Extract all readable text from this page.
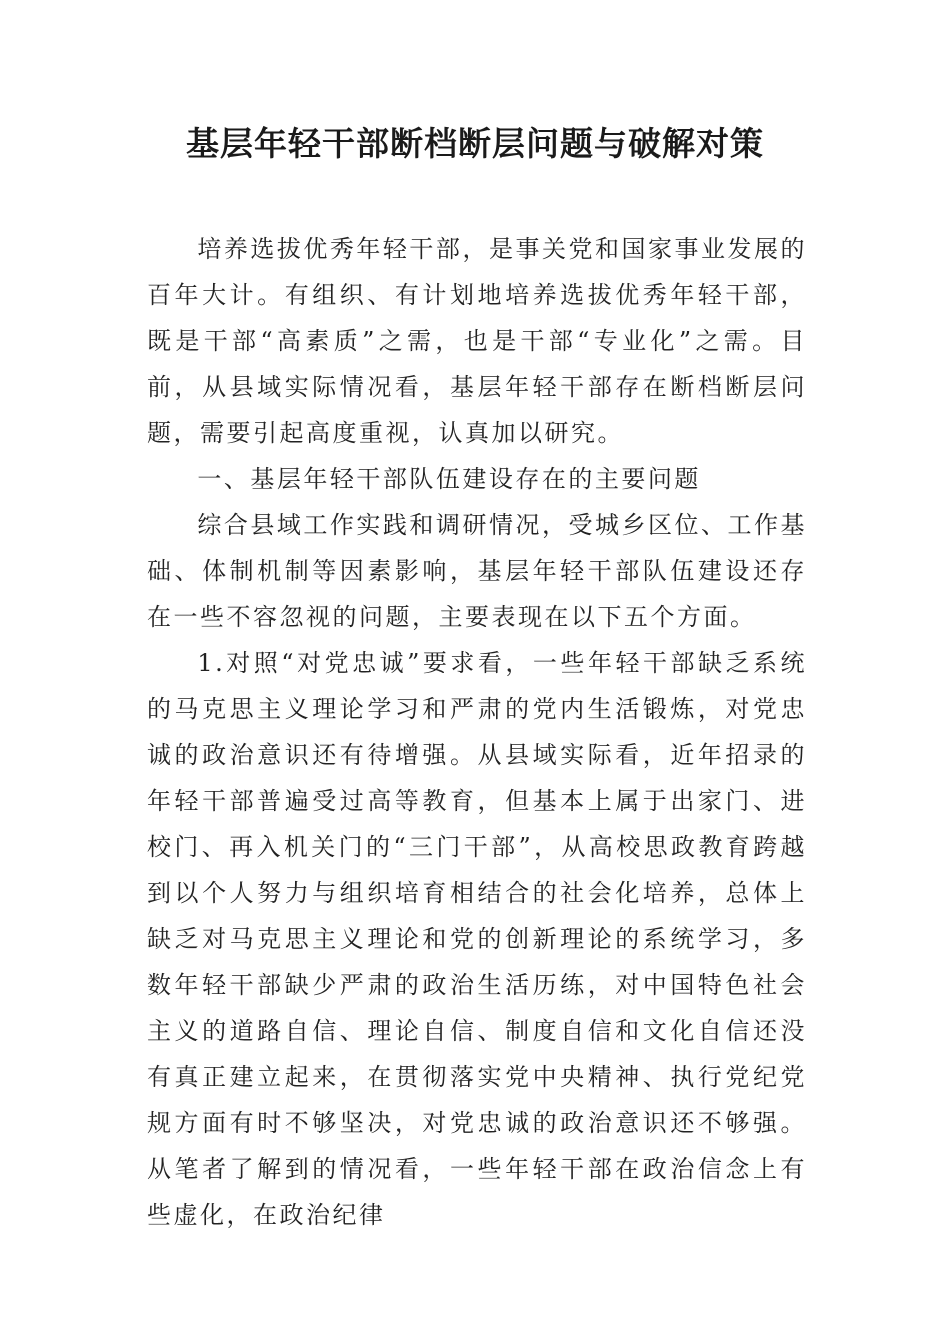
基层年轻干部断档断层问题与破解对策

培养选拔优秀年轻干部，是事关党和国家事业发展的百年大计。有组织、有计划地培养选拔优秀年轻干部，既是干部“高素质”之需，也是干部“专业化”之需。目前，从县域实际情况看，基层年轻干部存在断档断层问题，需要引起高度重视，认真加以研究。

一、基层年轻干部队伍建设存在的主要问题

综合县域工作实践和调研情况，受城乡区位、工作基础、体制机制等因素影响，基层年轻干部队伍建设还存在一些不容忽视的问题，主要表现在以下五个方面。

1.对照“对党忠诚”要求看，一些年轻干部缺乏系统的马克思主义理论学习和严肃的党内生活锻炼，对党忠诚的政治意识还有待增强。从县域实际看，近年招录的年轻干部普遍受过高等教育，但基本上属于出家门、进校门、再入机关门的“三门干部”，从高校思政教育跨越到以个人努力与组织培育相结合的社会化培养，总体上缺乏对马克思主义理论和党的创新理论的系统学习，多数年轻干部缺少严肃的政治生活历练，对中国特色社会主义的道路自信、理论自信、制度自信和文化自信还没有真正建立起来，在贯彻落实党中央精神、执行党纪党规方面有时不够坚决，对党忠诚的政治意识还不够强。从笔者了解到的情况看，一些年轻干部在政治信念上有些虚化，在政治纪律
